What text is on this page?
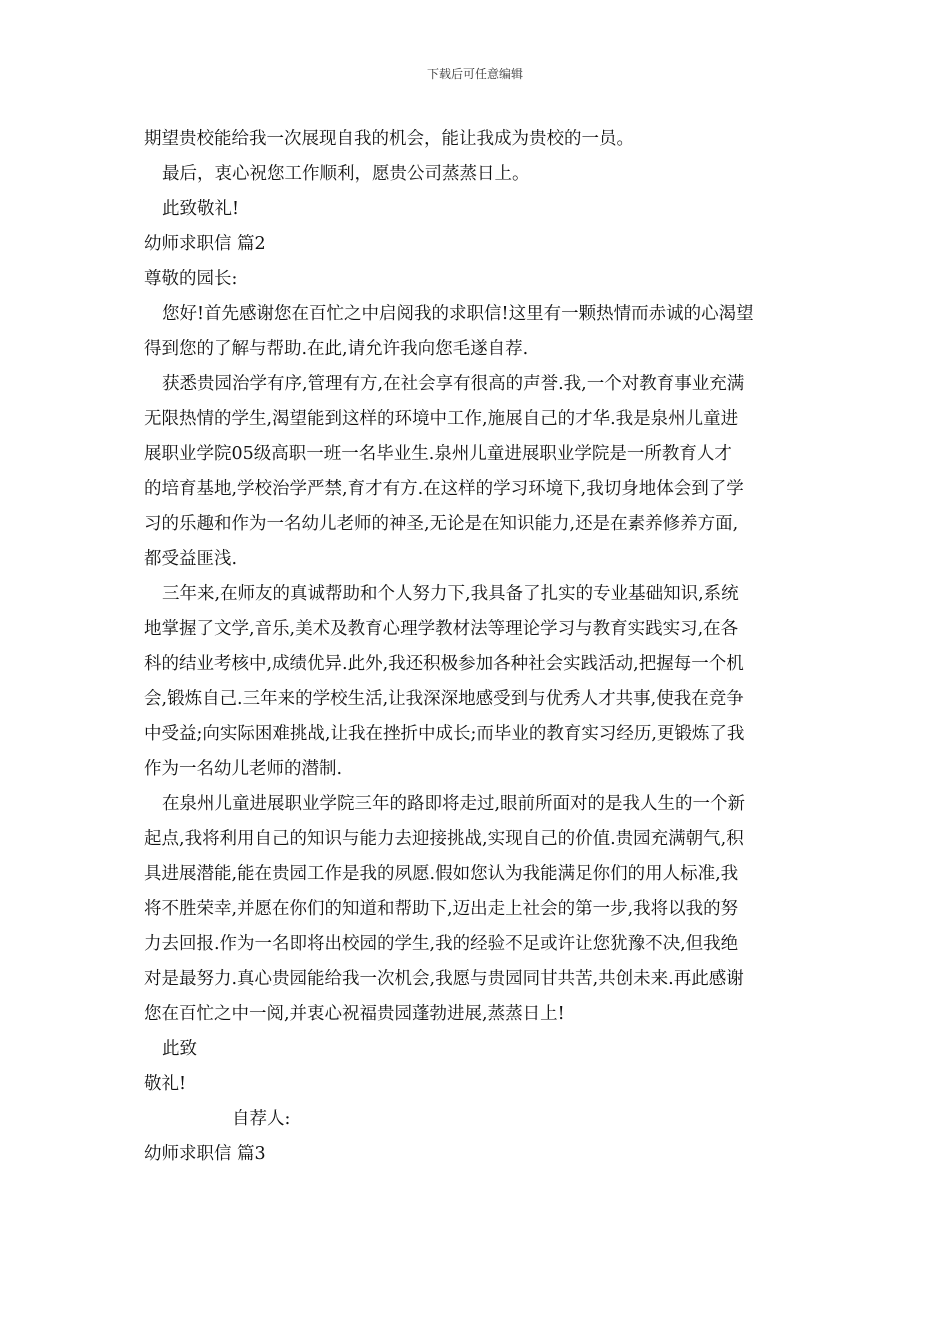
下载后可任意编辑
期望贵校能给我一次展现自我的机会，能让我成为贵校的一员。
最后，衷心祝您工作顺利，愿贵公司蒸蒸日上。
此致敬礼!
幼师求职信 篇2
尊敬的园长:
您好!首先感谢您在百忙之中启阅我的求职信!这里有一颗热情而赤诚的心渴望
得到您的了解与帮助.在此,请允许我向您毛遂自荐.
获悉贵园治学有序,管理有方,在社会享有很高的声誉.我,一个对教育事业充满
无限热情的学生,渴望能到这样的环境中工作,施展自己的才华.我是泉州儿童进
展职业学院05级高职一班一名毕业生.泉州儿童进展职业学院是一所教育人才
的培育基地,学校治学严禁,育才有方.在这样的学习环境下,我切身地体会到了学
习的乐趣和作为一名幼儿老师的神圣,无论是在知识能力,还是在素养修养方面,
都受益匪浅.
三年来,在师友的真诚帮助和个人努力下,我具备了扎实的专业基础知识,系统
地掌握了文学,音乐,美术及教育心理学教材法等理论学习与教育实践实习,在各
科的结业考核中,成绩优异.此外,我还积极参加各种社会实践活动,把握每一个机
会,锻炼自己.三年来的学校生活,让我深深地感受到与优秀人才共事,使我在竞争
中受益;向实际困难挑战,让我在挫折中成长;而毕业的教育实习经历,更锻炼了我
作为一名幼儿老师的潜制.
在泉州儿童进展职业学院三年的路即将走过,眼前所面对的是我人生的一个新
起点,我将利用自己的知识与能力去迎接挑战,实现自己的价值.贵园充满朝气,积
具进展潜能,能在贵园工作是我的夙愿.假如您认为我能满足你们的用人标准,我
将不胜荣幸,并愿在你们的知道和帮助下,迈出走上社会的第一步,我将以我的努
力去回报.作为一名即将出校园的学生,我的经验不足或许让您犹豫不决,但我绝
对是最努力.真心贵园能给我一次机会,我愿与贵园同甘共苦,共创未来.再此感谢
您在百忙之中一阅,并衷心祝福贵园蓬勃进展,蒸蒸日上!
此致
敬礼!
自荐人:
幼师求职信 篇3
